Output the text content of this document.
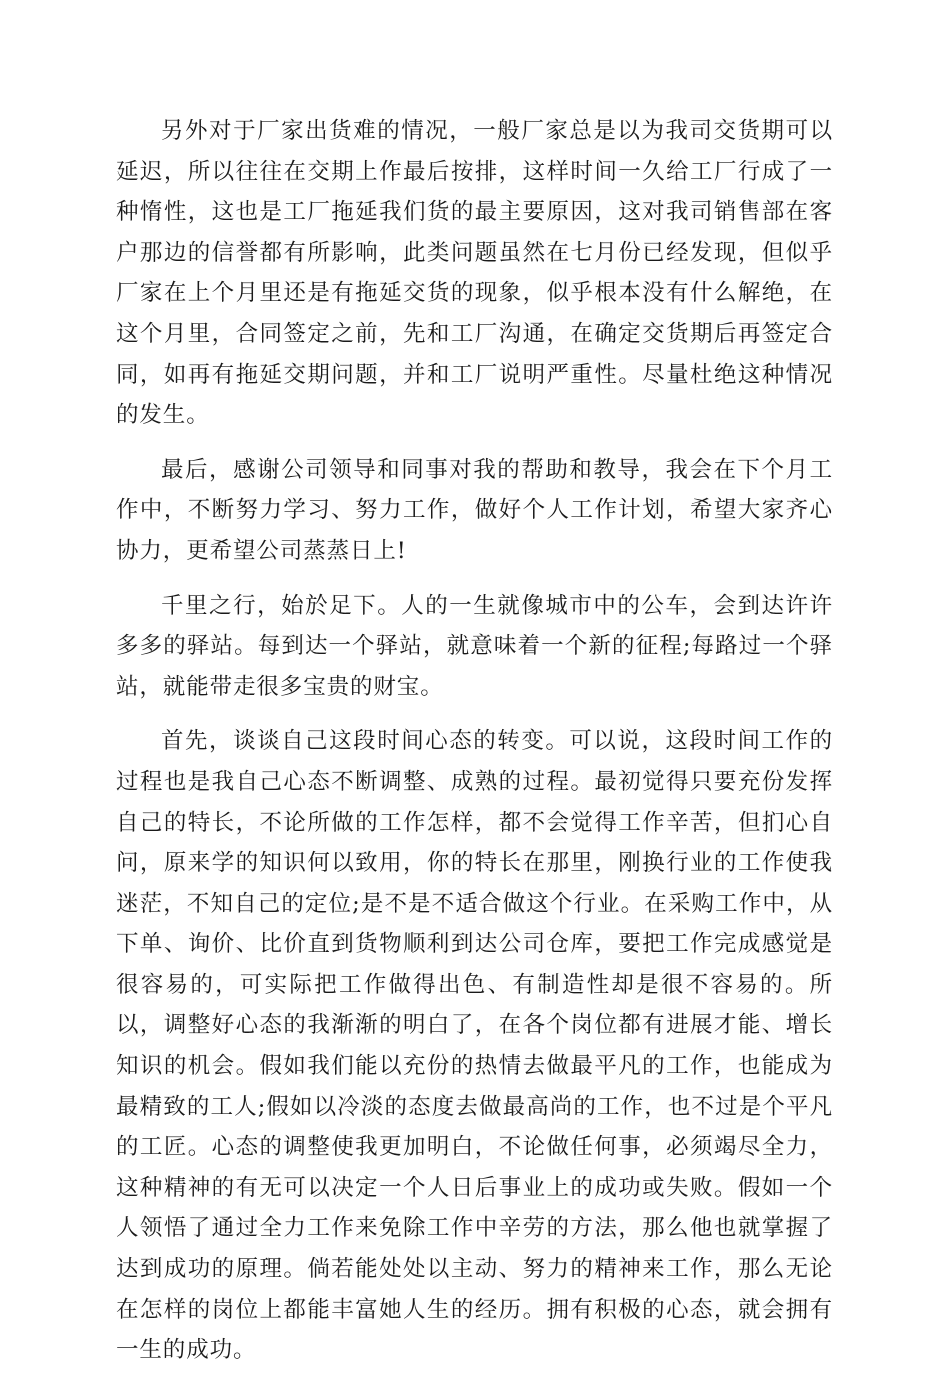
另外对于厂家出货难的情况，一般厂家总是以为我司交货期可以延迟，所以往往在交期上作最后按排，这样时间一久给工厂行成了一种惰性，这也是工厂拖延我们货的最主要原因，这对我司销售部在客户那边的信誉都有所影响，此类问题虽然在七月份已经发现，但似乎厂家在上个月里还是有拖延交货的现象，似乎根本没有什么解绝，在这个月里，合同签定之前，先和工厂沟通，在确定交货期后再签定合同，如再有拖延交期问题，并和工厂说明严重性。尽量杜绝这种情况的发生。

最后，感谢公司领导和同事对我的帮助和教导，我会在下个月工作中，不断努力学习、努力工作，做好个人工作计划，希望大家齐心协力，更希望公司蒸蒸日上!

千里之行，始於足下。人的一生就像城市中的公车，会到达许许多多的驿站。每到达一个驿站，就意味着一个新的征程;每路过一个驿站，就能带走很多宝贵的财宝。

首先，谈谈自己这段时间心态的转变。可以说，这段时间工作的过程也是我自己心态不断调整、成熟的过程。最初觉得只要充份发挥自己的特长，不论所做的工作怎样，都不会觉得工作辛苦，但扪心自问，原来学的知识何以致用，你的特长在那里，刚换行业的工作使我迷茫，不知自己的定位;是不是不适合做这个行业。在采购工作中，从下单、询价、比价直到货物顺利到达公司仓库，要把工作完成感觉是很容易的，可实际把工作做得出色、有制造性却是很不容易的。所以，调整好心态的我渐渐的明白了，在各个岗位都有进展才能、增长知识的机会。假如我们能以充份的热情去做最平凡的工作，也能成为最精致的工人;假如以冷淡的态度去做最高尚的工作，也不过是个平凡的工匠。心态的调整使我更加明白，不论做任何事，必须竭尽全力，这种精神的有无可以决定一个人日后事业上的成功或失败。假如一个人领悟了通过全力工作来免除工作中辛劳的方法，那么他也就掌握了达到成功的原理。倘若能处处以主动、努力的精神来工作，那么无论在怎样的岗位上都能丰富她人生的经历。拥有积极的心态，就会拥有一生的成功。
